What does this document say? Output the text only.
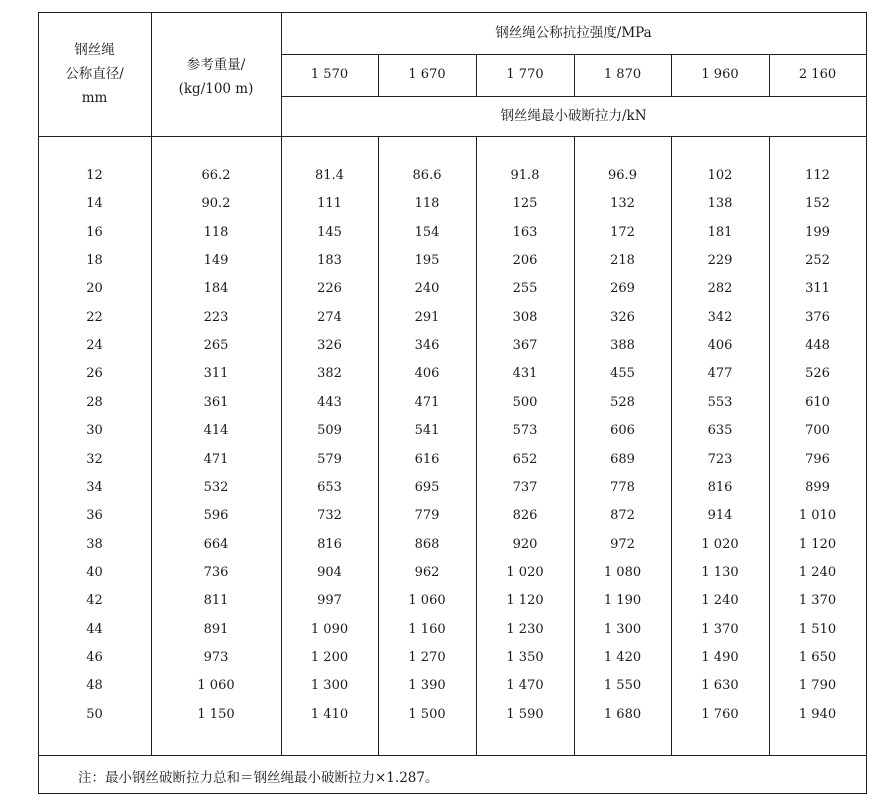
钢丝绳
公称直径/
mm
参考重量/
(kg/100 m)
钢丝绳公称抗拉强度/MPa
钢丝绳最小破断拉力/kN
1 570	1 670	1 770	1 870	1 960	2 160
12	66.2	81.4	86.6	91.8	96.9	102	112
14	90.2	111	118	125	132	138	152
16	118	145	154	163	172	181	199
18	149	183	195	206	218	229	252
20	184	226	240	255	269	282	311
22	223	274	291	308	326	342	376
24	265	326	346	367	388	406	448
26	311	382	406	431	455	477	526
28	361	443	471	500	528	553	610
30	414	509	541	573	606	635	700
32	471	579	616	652	689	723	796
34	532	653	695	737	778	816	899
36	596	732	779	826	872	914	1 010
38	664	816	868	920	972	1 020	1 120
40	736	904	962	1 020	1 080	1 130	1 240
42	811	997	1 060	1 120	1 190	1 240	1 370
44	891	1 090	1 160	1 230	1 300	1 370	1 510
46	973	1 200	1 270	1 350	1 420	1 490	1 650
48	1 060	1 300	1 390	1 470	1 550	1 630	1 790
50	1 150	1 410	1 500	1 590	1 680	1 760	1 940
注：最小钢丝破断拉力总和＝钢丝绳最小破断拉力×1.287。
